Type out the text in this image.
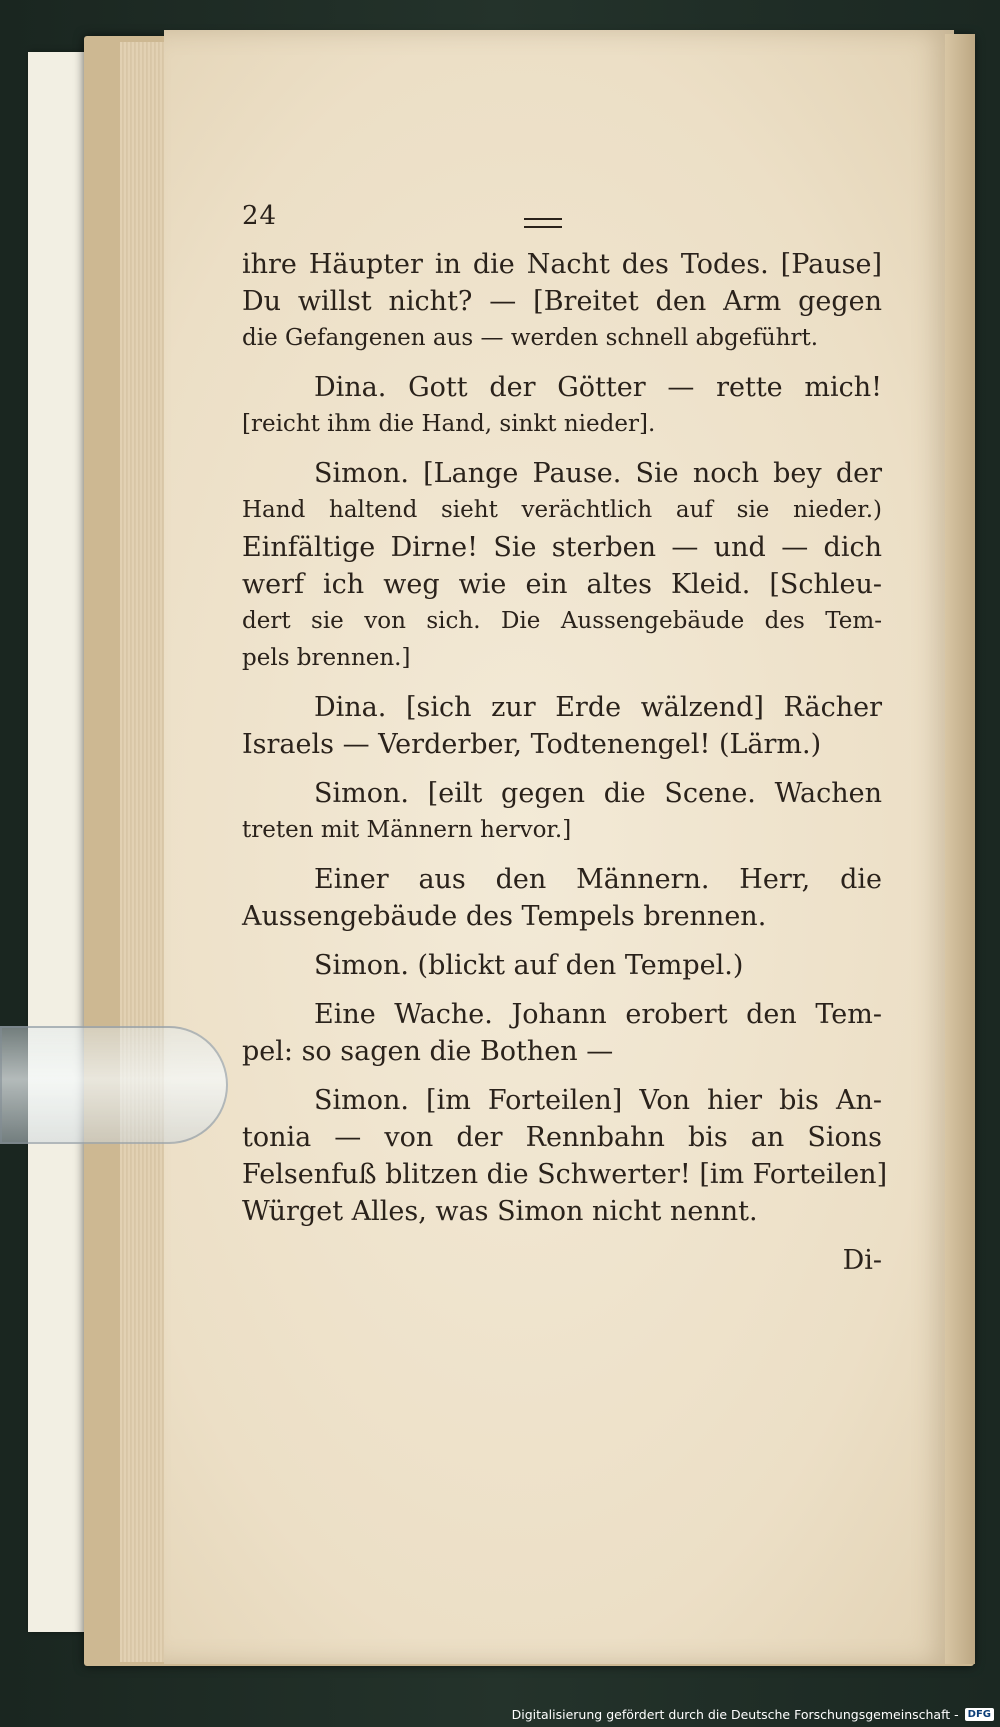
24
ihre Häupter in die Nacht des Todes. [Pause]
Du willst nicht? — [Breitet den Arm gegen
die Gefangenen aus — werden schnell abgeführt.
Dina. Gott der Götter — rette mich!
[reicht ihm die Hand, sinkt nieder].
Simon. [Lange Pause. Sie noch bey der
Hand haltend sieht verächtlich auf sie nieder.)
Einfältige Dirne! Sie sterben — und — dich
werf ich weg wie ein altes Kleid. [Schleu-
dert sie von sich. Die Aussengebäude des Tem-
pels brennen.]
Dina. [sich zur Erde wälzend] Rächer
Israels — Verderber, Todtenengel! (Lärm.)
Simon. [eilt gegen die Scene. Wachen
treten mit Männern hervor.]
Einer aus den Männern. Herr, die
Aussengebäude des Tempels brennen.
Simon. (blickt auf den Tempel.)
Eine Wache. Johann erobert den Tem-
pel: so sagen die Bothen —
Simon. [im Forteilen] Von hier bis An-
tonia — von der Rennbahn bis an Sions
Felsenfuß blitzen die Schwerter! [im Forteilen]
Würget Alles, was Simon nicht nennt.
Di-
Digitalisierung gefördert durch die Deutsche Forschungsgemeinschaft - DFG
